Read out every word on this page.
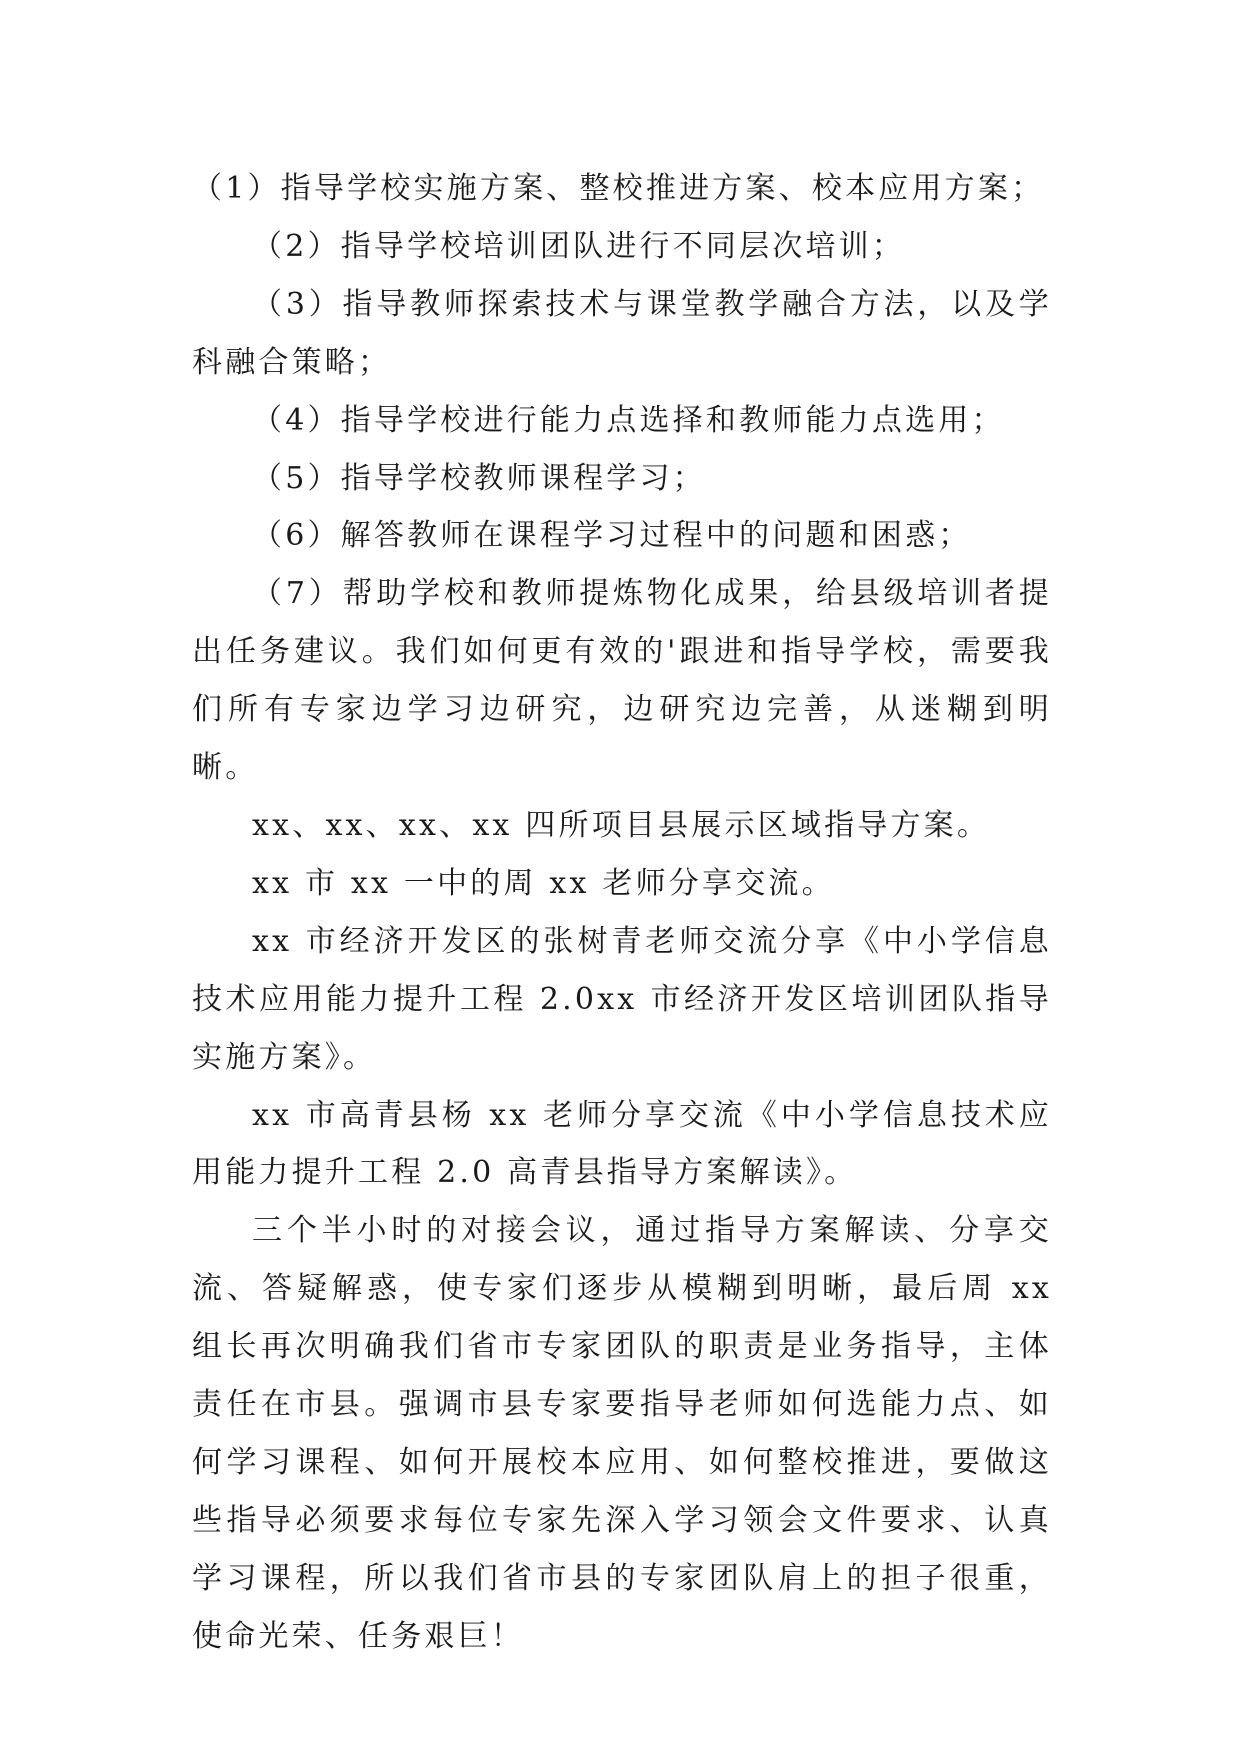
（1）指导学校实施方案、整校推进方案、校本应用方案；

（2）指导学校培训团队进行不同层次培训；

（3）指导教师探索技术与课堂教学融合方法，以及学科融合策略；

（4）指导学校进行能力点选择和教师能力点选用；

（5）指导学校教师课程学习；

（6）解答教师在课程学习过程中的问题和困惑；

（7）帮助学校和教师提炼物化成果，给县级培训者提出任务建议。我们如何更有效的'跟进和指导学校，需要我们所有专家边学习边研究，边研究边完善，从迷糊到明晰。

xx、xx、xx、xx 四所项目县展示区域指导方案。

xx 市 xx 一中的周 xx 老师分享交流。

xx 市经济开发区的张树青老师交流分享《中小学信息技术应用能力提升工程 2.0xx 市经济开发区培训团队指导实施方案》。

xx 市高青县杨 xx 老师分享交流《中小学信息技术应用能力提升工程 2.0 高青县指导方案解读》。

三个半小时的对接会议，通过指导方案解读、分享交流、答疑解惑，使专家们逐步从模糊到明晰，最后周 xx 组长再次明确我们省市专家团队的职责是业务指导，主体责任在市县。强调市县专家要指导老师如何选能力点、如何学习课程、如何开展校本应用、如何整校推进，要做这些指导必须要求每位专家先深入学习领会文件要求、认真学习课程，所以我们省市县的专家团队肩上的担子很重，使命光荣、任务艰巨！
